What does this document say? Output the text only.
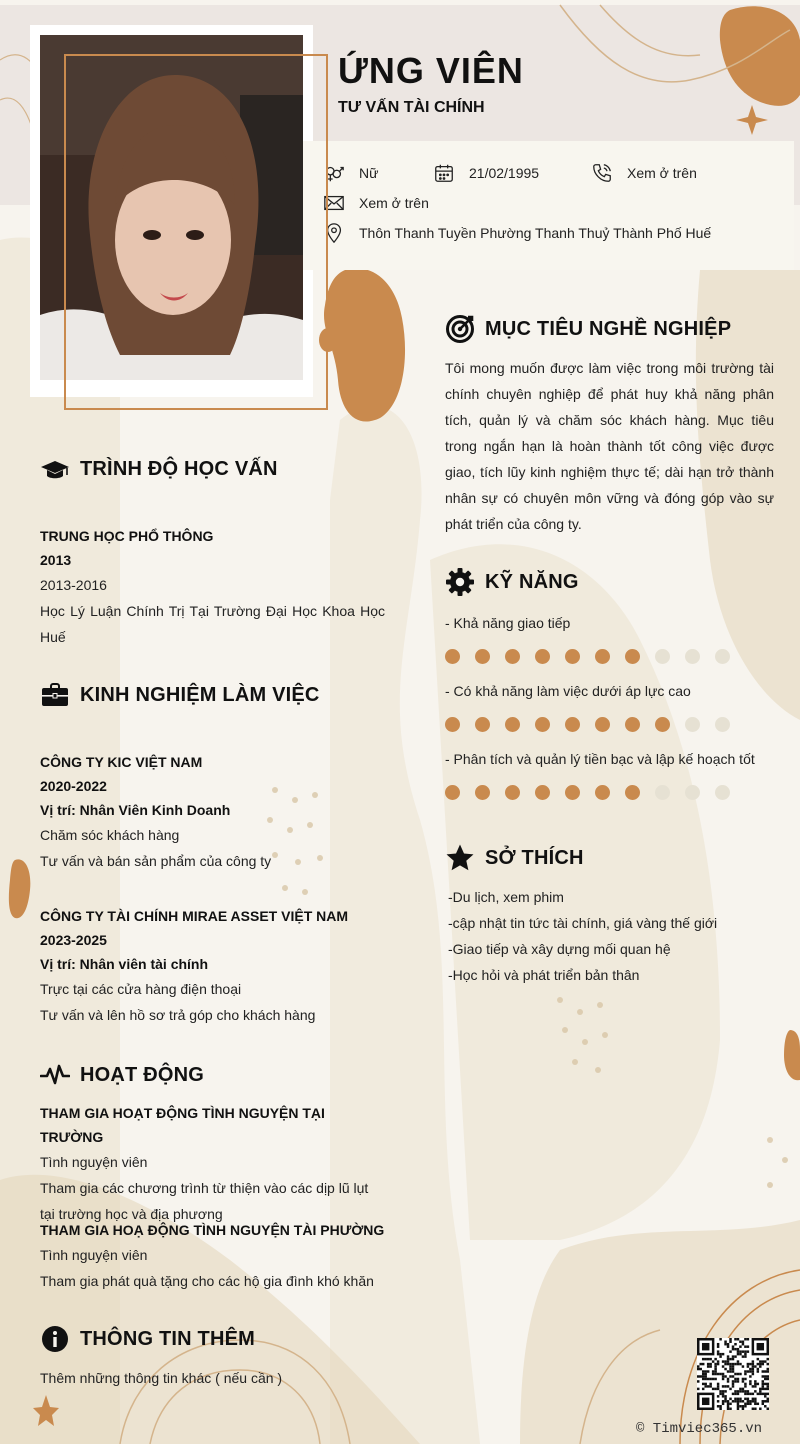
ỨNG VIÊN
TƯ VẤN TÀI CHÍNH
Nữ	21/02/1995	Xem ở trên
Xem ở trên
Thôn Thanh Tuyền Phường Thanh Thuỷ Thành Phố Huế
TRÌNH ĐỘ HỌC VẤN
TRUNG HỌC PHỔ THÔNG
2013
2013-2016
Học Lý Luận Chính Trị Tại Trường Đại Học Khoa Học Huế
KINH NGHIỆM LÀM VIỆC
CÔNG TY KIC VIỆT NAM
2020-2022
Vị trí: Nhân Viên Kinh Doanh
Chăm sóc khách hàng
Tư vấn và bán sản phẩm của công ty
CÔNG TY TÀI CHÍNH MIRAE ASSET VIỆT NAM
2023-2025
Vị trí: Nhân viên tài chính
Trực tại các cửa hàng điện thoại
Tư vấn và lên hồ sơ trả góp cho khách hàng
HOẠT ĐỘNG
THAM GIA HOẠT ĐỘNG TÌNH NGUYỆN TẠI TRƯỜNG
Tình nguyện viên
Tham gia các chương trình từ thiện vào các dịp lũ lụt tại trường học và địa phương
THAM GIA HOẠ ĐỘNG TÌNH NGUYỆN TÀI PHƯỜNG
Tình nguyện viên
Tham gia phát quà tặng cho các hộ gia đình khó khăn
THÔNG TIN THÊM
Thêm những thông tin khác ( nếu cần )
MỤC TIÊU NGHỀ NGHIỆP
Tôi mong muốn được làm việc trong môi trường tài chính chuyên nghiệp để phát huy khả năng phân tích, quản lý và chăm sóc khách hàng. Mục tiêu trong ngắn hạn là hoàn thành tốt công việc được giao, tích lũy kinh nghiệm thực tế; dài hạn trở thành nhân sự có chuyên môn vững và đóng góp vào sự phát triển của công ty.
KỸ NĂNG
- Khả năng giao tiếp
- Có khả năng làm việc dưới áp lực cao
- Phân tích và quản lý tiền bạc và lập kế hoạch tốt
SỞ THÍCH
-Du lịch, xem phim
-cập nhật tin tức tài chính, giá vàng thế giới
-Giao tiếp và xây dựng mối quan hệ
-Học hỏi và phát triển bản thân
© Timviec365.vn
